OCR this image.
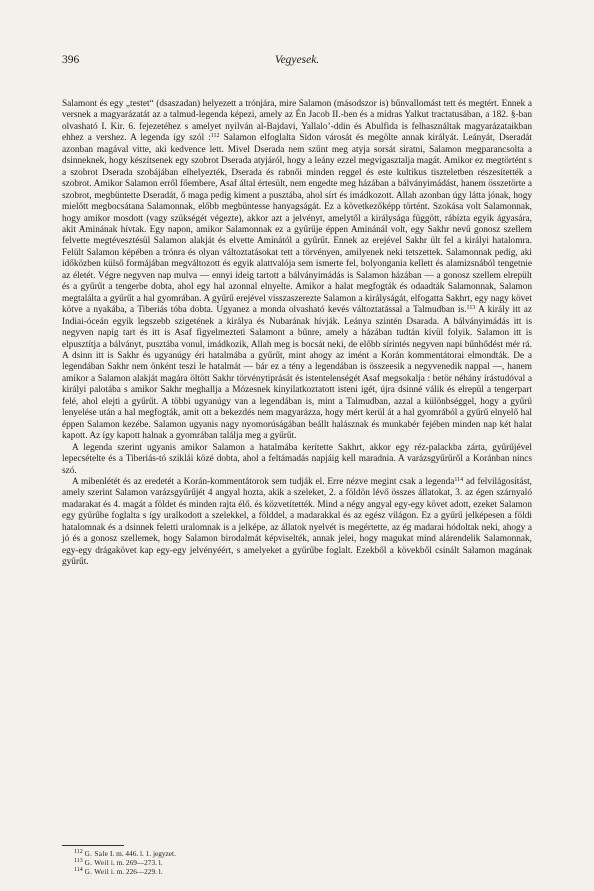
396	Vegyesek.

Salamont és egy „testet“ (dsaszadan) helyezett a trónjára, mire Salamon (másodszor is) bűnvallomást tett és megtért. Ennek a versnek a magyarázatát az a talmud-legenda képezi, amely az Én Jacob II.-ben és a midras Yalkut tractatusában, a 182. §-ban olvasható I. Kir. 6. fejezetéhez s amelyet nyilván al-Bajdavi, Yallalo’-ddin és Abulfida is felhasználtak magyarázataikban ehhez a vershez. A legenda így szól :$^{112}$ Salamon elfoglalta Sidon városát és megölte annak királyát. Leányát, Dseradát azonban magával vitte, aki kedvence lett. Mivel Dserada nem szűnt meg atyja sorsát siratni, Salamon megparancsolta a dsinneknek, hogy készítsenek egy szobrot Dserada atyjáról, hogy a leány ezzel megvigasztalja magát. Amikor ez megtörtént s a szobrot Dserada szobájában elhelyezték, Dserada és rabnői minden reggel és este kultikus tiszteletben részesítették a szobrot. Amikor Salamon erről főembere, Asaf által értesült, nem engedte meg házában a bálványimádást, hanem összetörte a szobrot, megbüntette Dseradát, ő maga pedig kiment a pusztába, ahol sírt és imádkozott. Allah azonban úgy látta jónak, hogy mielőtt megbocsátana Salamonnak, előbb megbüntesse hanyagságát. Ez a következőképp történt. Szokása volt Salamonnak, hogy amikor mosdott (vagy szükségét végezte), akkor azt a jelvényt, amelytől a királysága függött, rábízta egyik ágyasára, akit Aminának hívtak. Egy napon, amikor Salamonnak ez a gyűrűje éppen Aminánál volt, egy Sakhr nevű gonosz szellem felvette megtévesztésül Salamon alakját és elvette Aminától a gyűrűt. Ennek az erejével Sakhr ült fel a királyi hatalomra. Felült Salamon képében a trónra és olyan változtatásokat tett a törvényen, amilyenek neki tetszettek. Salamonnak pedig, aki időközben külső formájában megváltozott és egyik alattvalója sem ismerte fel, bolyongania kellett és alamizsnából tengetnie az életét. Végre negyven nap mulva — ennyi ideig tartott a bálványimádás is Salamon házában — a gonosz szellem elrepült és a gyűrűt a tengerbe dobta, ahol egy hal azonnal elnyelte. Amikor a halat megfogták és odaadták Salamonnak, Salamon megtalálta a gyűrűt a hal gyomrában. A gyűrű erejével visszaszerezte Salamon a királyságát, elfogatta Sakhrt, egy nagy követ kötve a nyakába, a Tiberiás tóba dobta. Ugyanez a monda olvasható kevés változtatással a Talmudban is.$^{113}$ A király itt az Indiai-óceán egyik legszebb szigetének a királya és Nubarának hívják. Leánya szintén Dsarada. A bálványimádás itt is negyven napig tart és itt is Asaf figyelmezteti Salamont a bűnre, amely a házában tudtán kívül folyik. Salamon itt is elpusztítja a bálványt, pusztába vonul, imádkozik, Allah meg is bocsát neki, de előbb sírintés negyven napi bűnhődést mér rá. A dsinn itt is Sakhr és ugyanúgy éri hatalmába a gyűrűt, mint ahogy az imént a Korán kommentátorai elmondták. De a legendában Sakhr nem önként teszi le hatalmát — bár ez a tény a legendában is összeesik a negyvenedik nappal —, hanem amikor a Salamon alakját magára öltött Sakhr törvénytiprását és istentelenségét Asaf megsokalja : betör néhány írástudóval a királyi palotába s amikor Sakhr meghallja a Mózesnek kinyilatkoztatott isteni igét, újra dsinné válik és elrepül a tengerpart felé, ahol elejti a gyűrűt. A többi ugyanúgy van a legendában is, mint a Talmudban, azzal a különbséggel, hogy a gyűrű lenyelése után a hal megfogták, amit ott a bekezdés nem magyarázza, hogy mért kerül át a hal gyomrából a gyűrű elnyelő hal éppen Salamon kezébe. Salamon ugyanis nagy nyomorúságában beállt halásznak és munkabér fejében minden nap két halat kapott. Az így kapott halnak a gyomrában találja meg a gyűrűt.

A legenda szerint ugyanis amikor Salamon a hatalmába kerítette Sakhrt, akkor egy réz-palackba zárta, gyűrűjével lepecsételte és a Tiberiás-tó sziklái közé dobta, ahol a feltámadás napjáig kell maradnia. A varázsgyűrűről a Koránban nincs szó.

A mibenlétét és az eredetét a Korán-kommentátorok sem tudják el. Erre nézve megint csak a legenda$^{114}$ ad felvilágosítást, amely szerint Salamon varázsgyűrűjét 4 angyal hozta, akik a szeleket, 2. a földön lévő összes állatokat, 3. az égen szárnyaló madarakat és 4. magát a földet és minden rajta élő. és közvetítették. Mind a négy angyal egy-egy követ adott, ezeket Salamon egy gyűrűbe foglalta s így uralkodott a szelekkel, a földdel, a madarakkal és az egész világon. Ez a gyűrű jelképesen a földi hatalomnak és a dsinnek feletti uralomnak is a jelképe, az állatok nyelvét is megértette, az ég madarai hódoltak neki, ahogy a jó és a gonosz szellemek, hogy Salamon birodalmát képviselték, annak jelei, hogy magukat mind alárendelik Salamonnak, egy-egy drágakövet kap egy-egy jelvényéért, s amelyeket a gyűrűbe foglalt. Ezekből a kövekből csinált Salamon magának gyűrűt.

$^{112}$ G. Sale I. m. 446. l. 1. jegyzet.
$^{113}$ G. Weil i. m. 269—273. l.
$^{114}$ G. Weil i. m. 226—229. l.
